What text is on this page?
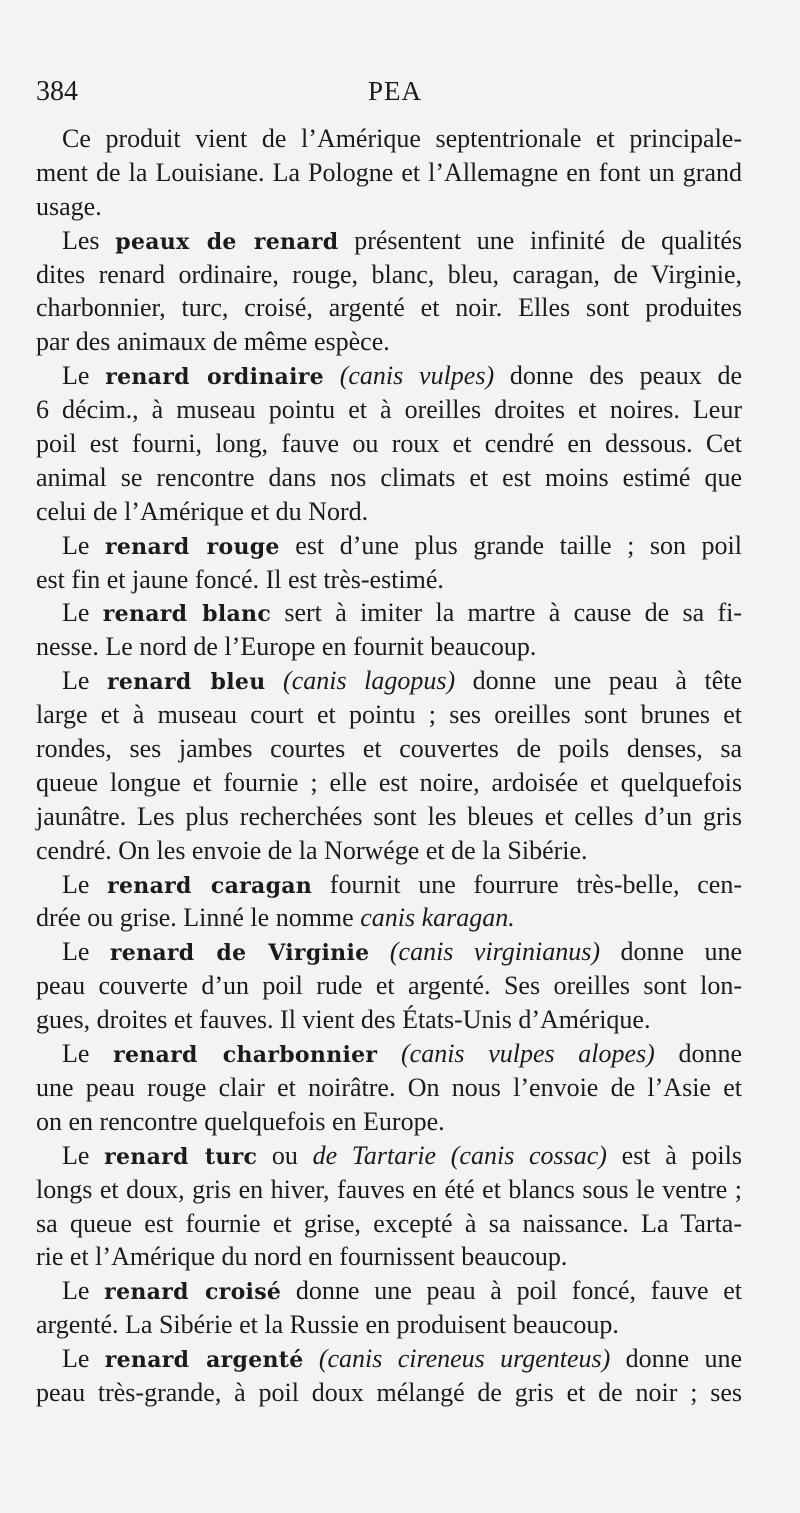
384	PEA
Ce produit vient de l’Amérique septentrionale et principale-
ment de la Louisiane. La Pologne et l’Allemagne en font un grand
usage.
Les peaux de renard présentent une infinité de qualités
dites renard ordinaire, rouge, blanc, bleu, caragan, de Virginie,
charbonnier, turc, croisé, argenté et noir. Elles sont produites
par des animaux de même espèce.
Le renard ordinaire (canis vulpes) donne des peaux de
6 décim., à museau pointu et à oreilles droites et noires. Leur
poil est fourni, long, fauve ou roux et cendré en dessous. Cet
animal se rencontre dans nos climats et est moins estimé que
celui de l’Amérique et du Nord.
Le renard rouge est d’une plus grande taille ; son poil
est fin et jaune foncé. Il est très-estimé.
Le renard blanc sert à imiter la martre à cause de sa fi-
nesse. Le nord de l’Europe en fournit beaucoup.
Le renard bleu (canis lagopus) donne une peau à tête
large et à museau court et pointu ; ses oreilles sont brunes et
rondes, ses jambes courtes et couvertes de poils denses, sa
queue longue et fournie ; elle est noire, ardoisée et quelquefois
jaunâtre. Les plus recherchées sont les bleues et celles d’un gris
cendré. On les envoie de la Norwége et de la Sibérie.
Le renard caragan fournit une fourrure très-belle, cen-
drée ou grise. Linné le nomme canis karagan.
Le renard de Virginie (canis virginianus) donne une
peau couverte d’un poil rude et argenté. Ses oreilles sont lon-
gues, droites et fauves. Il vient des États-Unis d’Amérique.
Le renard charbonnier (canis vulpes alopes) donne
une peau rouge clair et noirâtre. On nous l’envoie de l’Asie et
on en rencontre quelquefois en Europe.
Le renard turc ou de Tartarie (canis cossac) est à poils
longs et doux, gris en hiver, fauves en été et blancs sous le ventre ;
sa queue est fournie et grise, excepté à sa naissance. La Tarta-
rie et l’Amérique du nord en fournissent beaucoup.
Le renard croisé donne une peau à poil foncé, fauve et
argenté. La Sibérie et la Russie en produisent beaucoup.
Le renard argenté (canis cireneus urgenteus) donne une
peau très-grande, à poil doux mélangé de gris et de noir ; ses
